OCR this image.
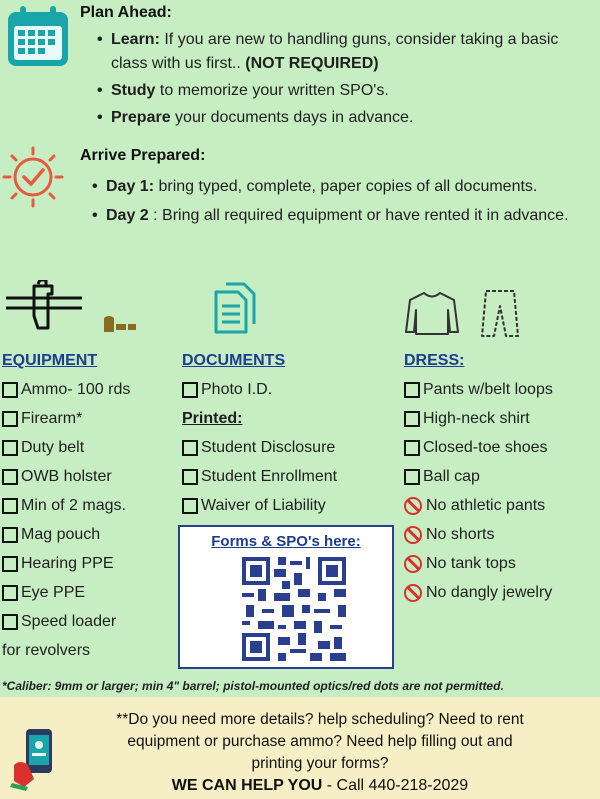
Plan Ahead:
• Learn: If you are new to handling guns, consider taking a basic class with us first.. (NOT REQUIRED)
• Study to memorize your written SPO's.
• Prepare your documents days in advance.
Arrive Prepared:
• Day 1: bring typed, complete, paper copies of all documents.
• Day 2 : Bring all required equipment or have rented it in advance.
EQUIPMENT	DOCUMENTS	DRESS:
Ammo- 100 rds
Firearm*
Duty belt
OWB holster
Min of 2 mags.
Mag pouch
Hearing PPE
Eye PPE
Speed loader
for revolvers
Photo I.D.
Printed:
Student Disclosure
Student Enrollment
Waiver of Liability
Forms & SPO's here:
Pants w/belt loops
High-neck shirt
Closed-toe shoes
Ball cap
No athletic pants
No shorts
No tank tops
No dangly jewelry
*Caliber: 9mm or larger; min 4" barrel; pistol-mounted optics/red dots are not permitted.
**Do you need more details? help scheduling? Need to rent
equipment or purchase ammo? Need help filling out and
printing your forms?
WE CAN HELP YOU - Call 440-218-2029
